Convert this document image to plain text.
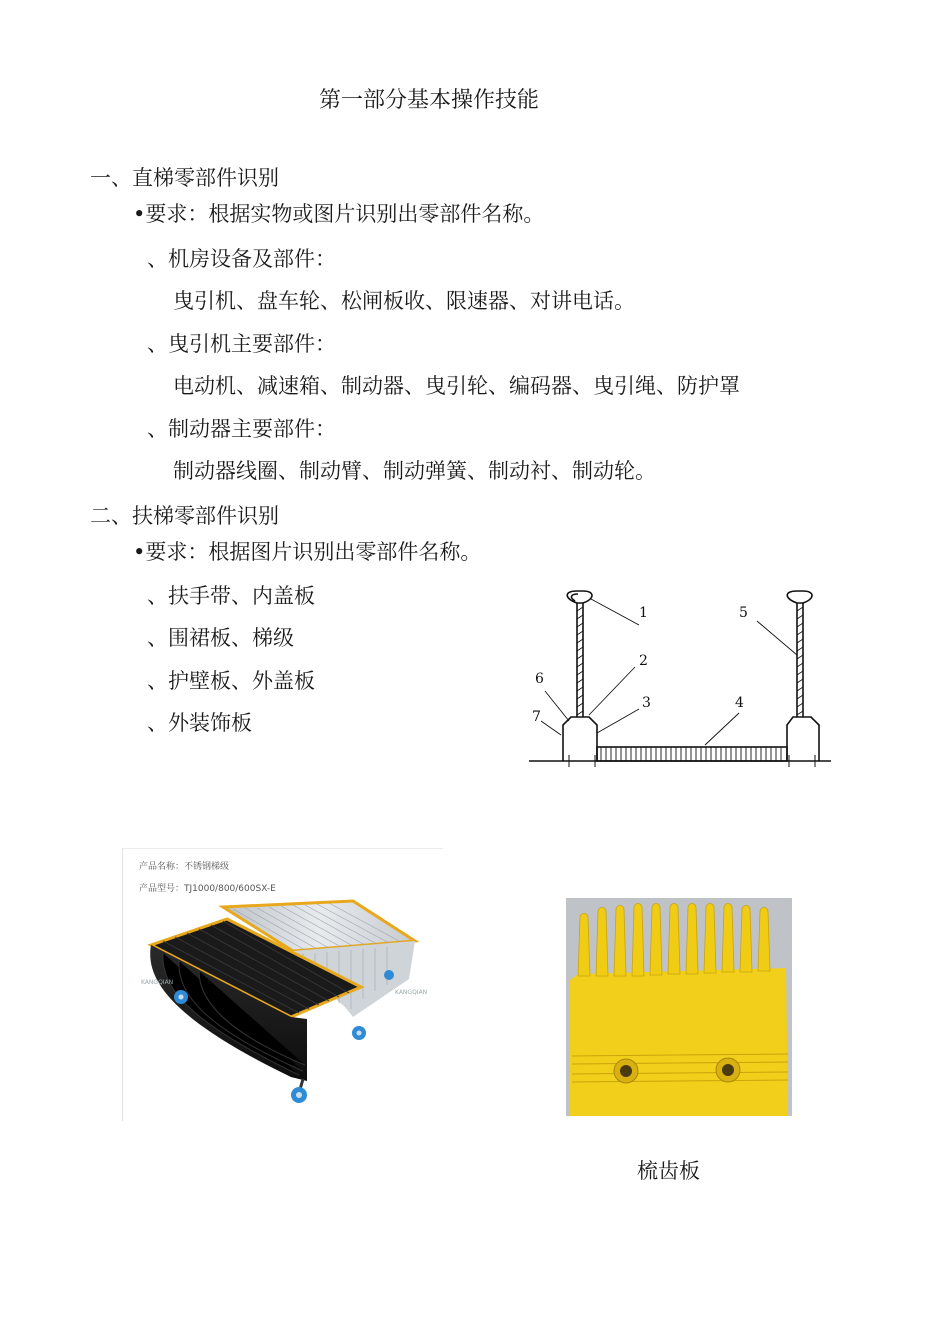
第一部分基本操作技能
一、直梯零部件识别
•要求：根据实物或图片识别出零部件名称。
、机房设备及部件：
曳引机、盘车轮、松闸板收、限速器、对讲电话。
、曳引机主要部件：
电动机、减速箱、制动器、曳引轮、编码器、曳引绳、防护罩
、制动器主要部件：
制动器线圈、制动臂、制动弹簧、制动衬、制动轮。
二、扶梯零部件识别
•要求：根据图片识别出零部件名称。
、扶手带、内盖板
、围裙板、梯级
、护壁板、外盖板
、外装饰板
1
2
3	4
5
6
7
产品名称：不锈钢梯级
产品型号：TJ1000/800/600SX-E
KANGQIAN
KANGQIAN
梳齿板
